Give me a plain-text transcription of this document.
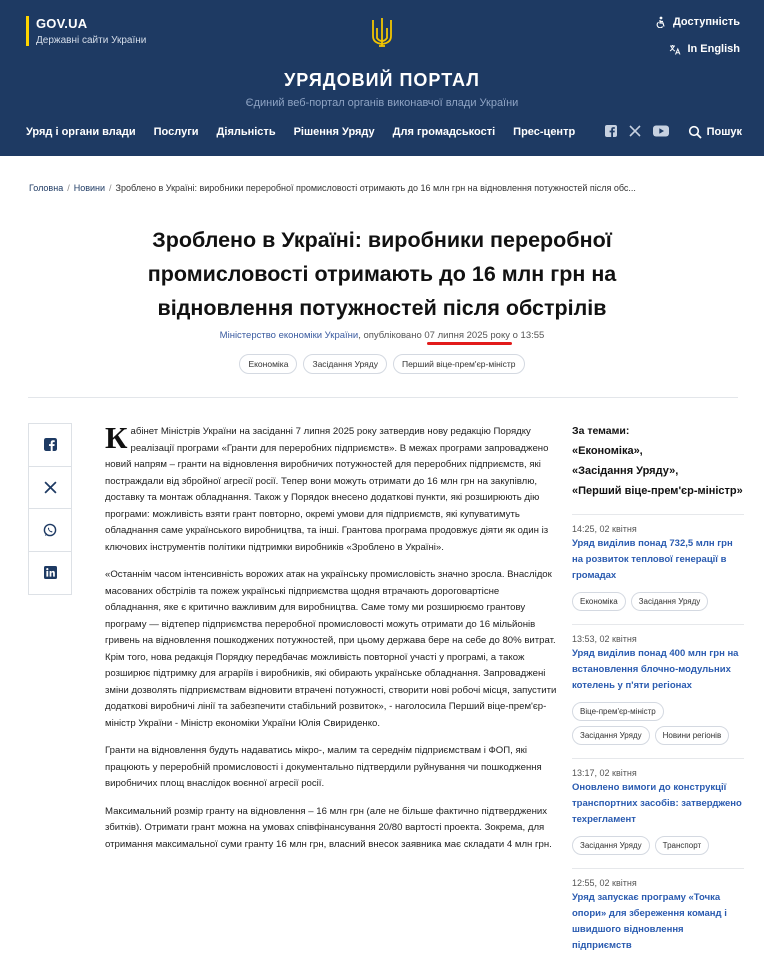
GOV.UA
Державні сайти України
Доступність
In English
УРЯДОВИЙ ПОРТАЛ
Єдиний веб-портал органів виконавчої влади України
Уряд і органи влади Послуги Діяльність Рішення Уряду Для громадськості Прес-центр	Пошук
Головна / Новини / Зроблено в Україні: виробники переробної промисловості отримають до 16 млн грн на відновлення потужностей після обс...
Зроблено в Україні: виробники переробної промисловості отримають до 16 млн грн на відновлення потужностей після обстрілів
Міністерство економіки України, опубліковано 07 липня 2025 року о 13:55
Економіка	Засідання Уряду	Перший віце-прем'єр-міністр

Кабінет Міністрів України на засіданні 7 липня 2025 року затвердив нову редакцію Порядку реалізації програми «Гранти для переробних підприємств». В межах програми запроваджено новий напрям – гранти на відновлення виробничих потужностей для переробних підприємств, які постраждали від збройної агресії росії. Тепер вони можуть отримати до 16 млн грн на закупівлю, доставку та монтаж обладнання. Також у Порядок внесено додаткові пункти, які розширюють дію програми: можливість взяти грант повторно, окремі умови для підприємств, які купуватимуть обладнання саме українського виробництва, та інші. Грантова програма продовжує діяти як один із ключових інструментів політики підтримки виробників «Зроблено в Україні».

«Останнім часом інтенсивність ворожих атак на українську промисловість значно зросла. Внаслідок масованих обстрілів та пожеж українські підприємства щодня втрачають дороговартісне обладнання, яке є критично важливим для виробництва. Саме тому ми розширюємо грантову програму — відтепер підприємства переробної промисловості можуть отримати до 16 мільйонів гривень на відновлення пошкоджених потужностей, при цьому держава бере на себе до 80% витрат. Крім того, нова редакція Порядку передбачає можливість повторної участі у програмі, а також розширює підтримку для аграріїв і виробників, які обирають українське обладнання. Запроваджені зміни дозволять підприємствам відновити втрачені потужності, створити нові робочі місця, запустити додаткові виробничі лінії та забезпечити стабільний розвиток», - наголосила Перший віце-прем'єр-міністр України - Міністр економіки України Юлія Свириденко.

Гранти на відновлення будуть надаватись мікро-, малим та середнім підприємствам і ФОП, які працюють у переробній промисловості і документально підтвердили руйнування чи пошкодження виробничих площ внаслідок воєнної агресії росії.

Максимальний розмір гранту на відновлення – 16 млн грн (але не більше фактично підтверджених збитків). Отримати грант можна на умовах співфінансування 20/80 вартості проекта. Зокрема, для отримання максимальної суми гранту 16 млн грн, власний внесок заявника має складати 4 млн грн.

За темами:
«Економіка»,
«Засідання Уряду»,
«Перший віце-прем'єр-міністр»
14:25, 02 квітня
Уряд виділив понад 732,5 млн грн на розвиток теплової генерації в громадах
Економіка	Засідання Уряду
13:53, 02 квітня
Уряд виділив понад 400 млн грн на встановлення блочно-модульних котелень у п'яти регіонах
Віце-прем'єр-міністр
Засідання Уряду	Новини регіонів
13:17, 02 квітня
Оновлено вимоги до конструкції транспортних засобів: затверджено техрегламент
Засідання Уряду	Транспорт
12:55, 02 квітня
Уряд запускає програму «Точка опори» для збереження команд і швидшого відновлення підприємств
